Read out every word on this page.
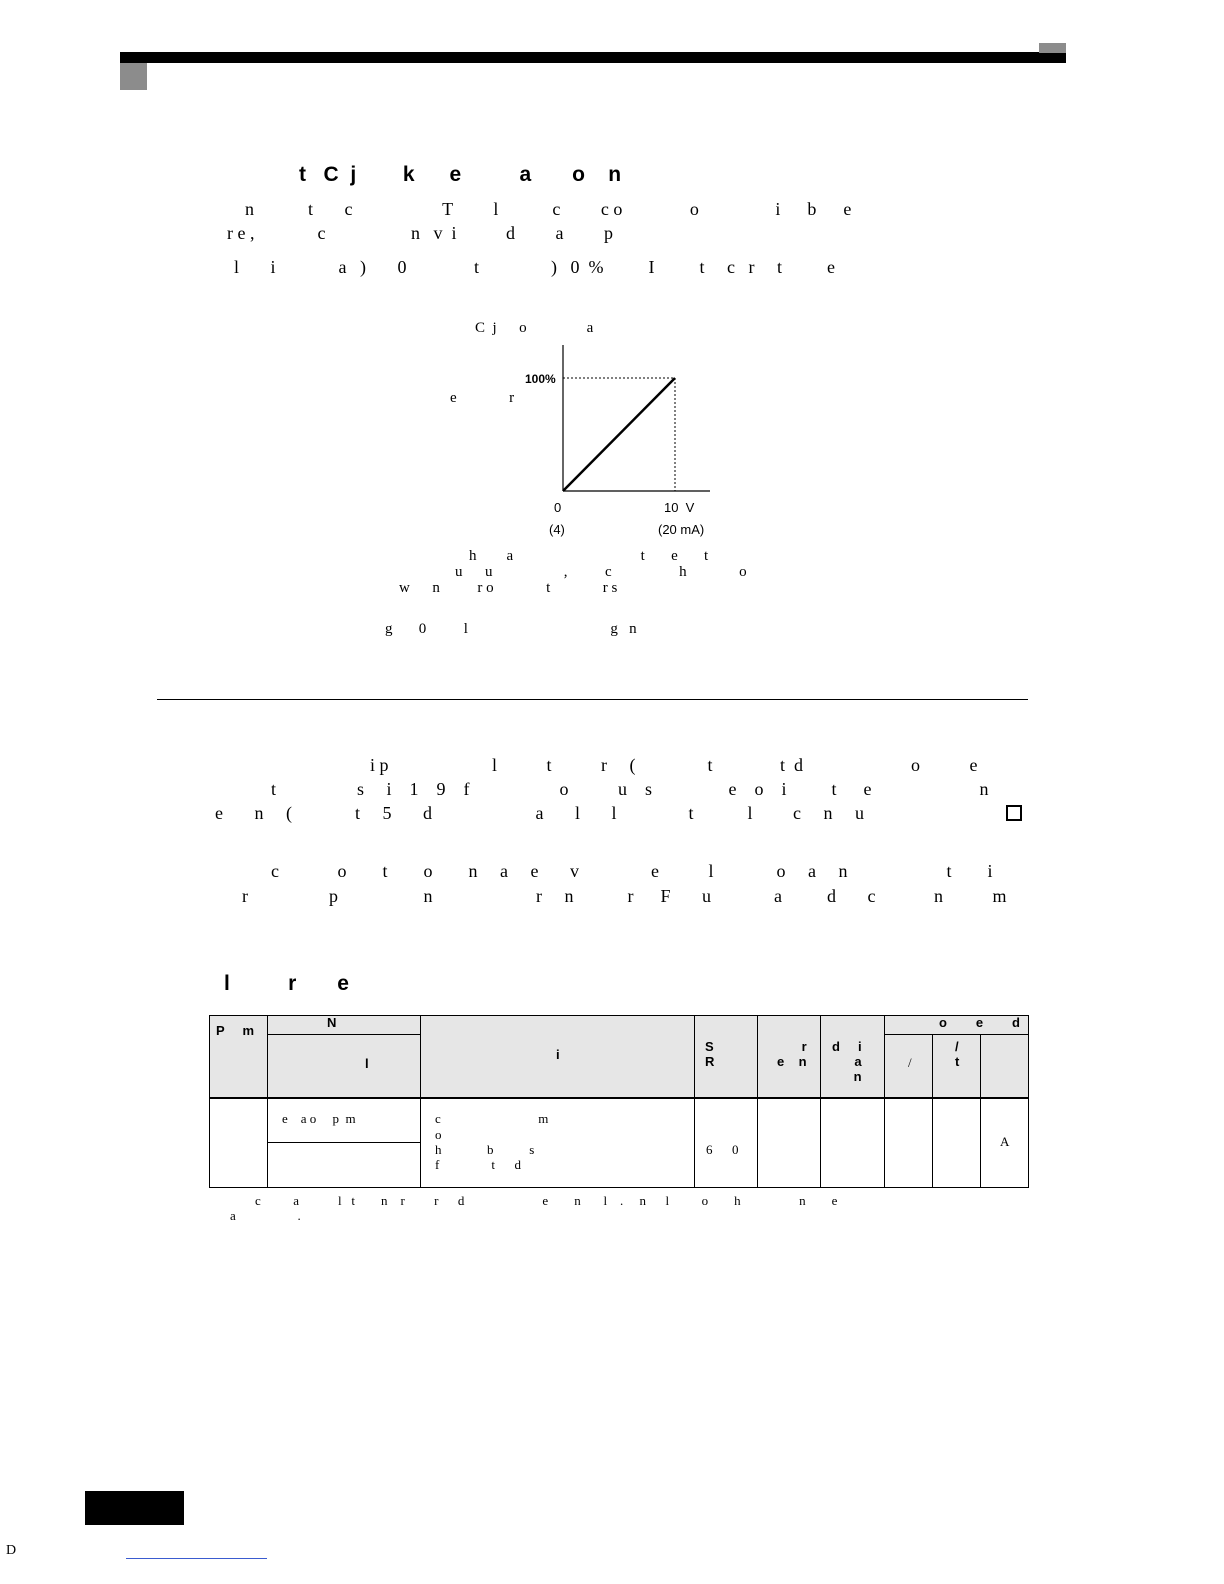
t   C  j        k      e          a       o    n
n            t       c                    T         l            c         c o               o                 i      b      e
r e ,              c                   n   v  i           d         a         p
l       i              a   )       0               t                )   0  %          I          t     c   r     t          e
C  j      o                a
e              r
100%
0
(4)
10  V
(20 mA)
h        a                                  t       e       t
u      u                   ,          c                  h              o
w      n          r o              t              r s
g       0          l                                      g   n
i p                       l           t           r     (                t               t  d                        o           e
t                  s     i    1    9    f                    o           u    s                 e    o    i          t      e                        n
e       n     (              t     5       d                       a       l       l                t            l         c     n     u
c             o        t        o        n     a     e       v                e           l              o     a     n                      t        i
r                  p                   n                       r     n            r      F       u              a          d       c             n           m
l          r       e
P     m
N
l
i
S
R
r
e    n
d     i
a
n
o        e        d
/
/
t
e    a o     p  m	c                              m
o
h              b           s
f                t      d
6      0
A
c          a            l   t        n    r         r      d                        e        n       l    .     n      l          o        h                  n        e
a                   .
D
